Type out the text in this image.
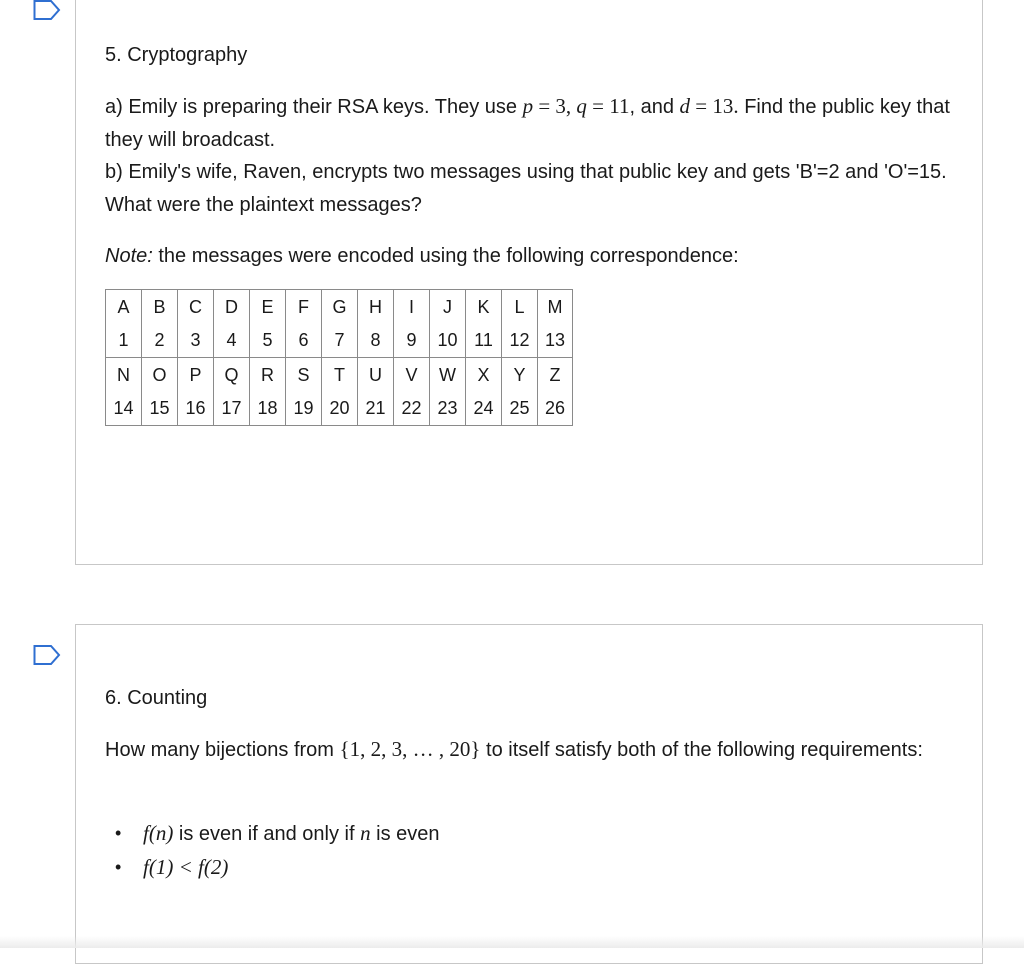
5. Cryptography
a) Emily is preparing their RSA keys. They use p = 3, q = 11, and d = 13. Find the public key that they will broadcast.
b) Emily's wife, Raven, encrypts two messages using that public key and gets 'B'=2 and 'O'=15. What were the plaintext messages?
Note: the messages were encoded using the following correspondence:
A	B	C	D	E	F	G	H	I	J	K	L	M
1	2	3	4	5	6	7	8	9	10	11	12	13
N	O	P	Q	R	S	T	U	V	W	X	Y	Z
14	15	16	17	18	19	20	21	22	23	24	25	26
6. Counting
How many bijections from {1, 2, 3, … , 20} to itself satisfy both of the following requirements:
• f(n) is even if and only if n is even
• f(1) < f(2)
